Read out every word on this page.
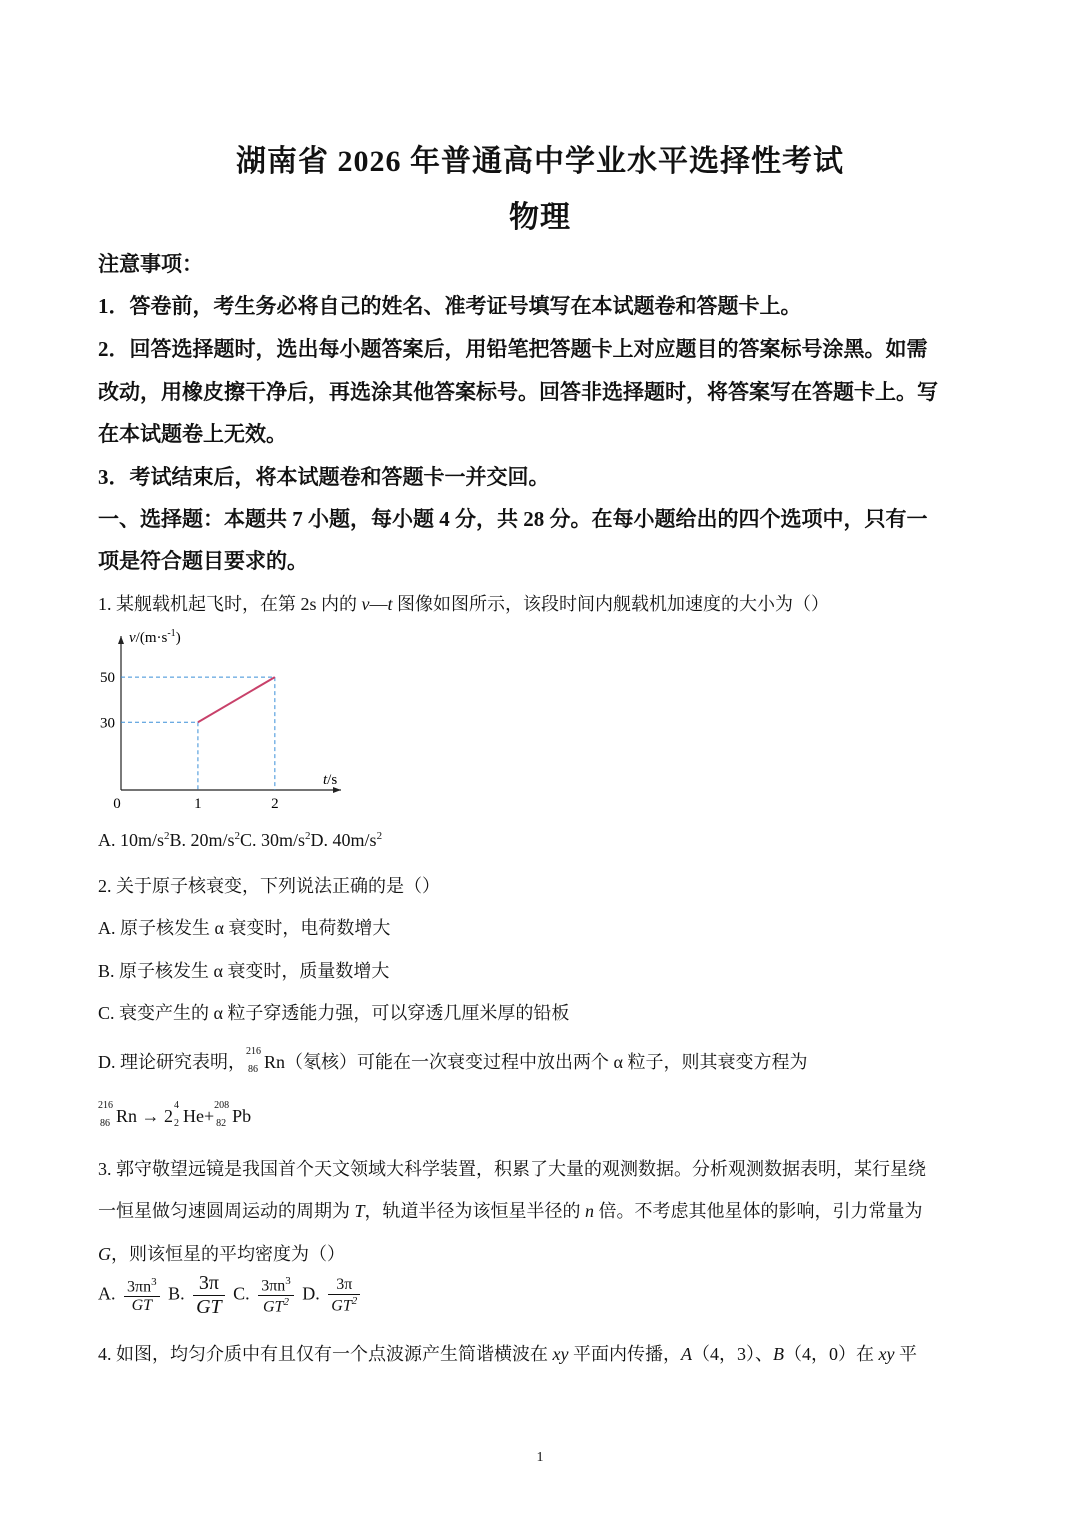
湖南省 2026 年普通高中学业水平选择性考试
物理
注意事项：
1．答卷前，考生务必将自己的姓名、准考证号填写在本试题卷和答题卡上。
2．回答选择题时，选出每小题答案后，用铅笔把答题卡上对应题目的答案标号涂黑。如需
改动，用橡皮擦干净后，再选涂其他答案标号。回答非选择题时，将答案写在答题卡上。写
在本试题卷上无效。
3．考试结束后，将本试题卷和答题卡一并交回。
一、选择题：本题共 7 小题，每小题 4 分，共 28 分。在每小题给出的四个选项中，只有一
项是符合题目要求的。
1. 某舰载机起飞时，在第 2s 内的 v—t 图像如图所示，该段时间内舰载机加速度的大小为（）
0	1	2
30
50
$v/(m\cdot s^{-1})$
t/s
A. $10m/s^2B$. $20m/s^2C$. $30m/s^2D$. $40m/s^2$
2. 关于原子核衰变，下列说法正确的是（）
A. 原子核发生 α 衰变时，电荷数增大
B. 原子核发生 α 衰变时，质量数增大
C. 衰变产生的 α 粒子穿透能力强，可以穿透几厘米厚的铅板
D. 理论研究表明，
216
86 Rn（氡核）可能在一次衰变过程中放出两个 α 粒子，则其衰变方程为
216
86 Rn → 2
4
2 He+
208
82 Pb
3. 郭守敬望远镜是我国首个天文领域大科学装置，积累了大量的观测数据。分析观测数据表明，某行星绕
一恒星做匀速圆周运动的周期为 T，轨道半径为该恒星半径的 n 倍。不考虑其他星体的影响，引力常量为
G，则该恒星的平均密度为（）
A. $\frac{3\pi n^3}{GT} B$. $\frac{3\pi}{GT} C$. $\frac{3\pi n^3}{GT^2} D$. $\frac{3\pi}{GT^2}$
4. 如图，均匀介质中有且仅有一个点波源产生简谐横波在 xy 平面内传播，A（4，3）、B（4，0）在 xy 平
1
